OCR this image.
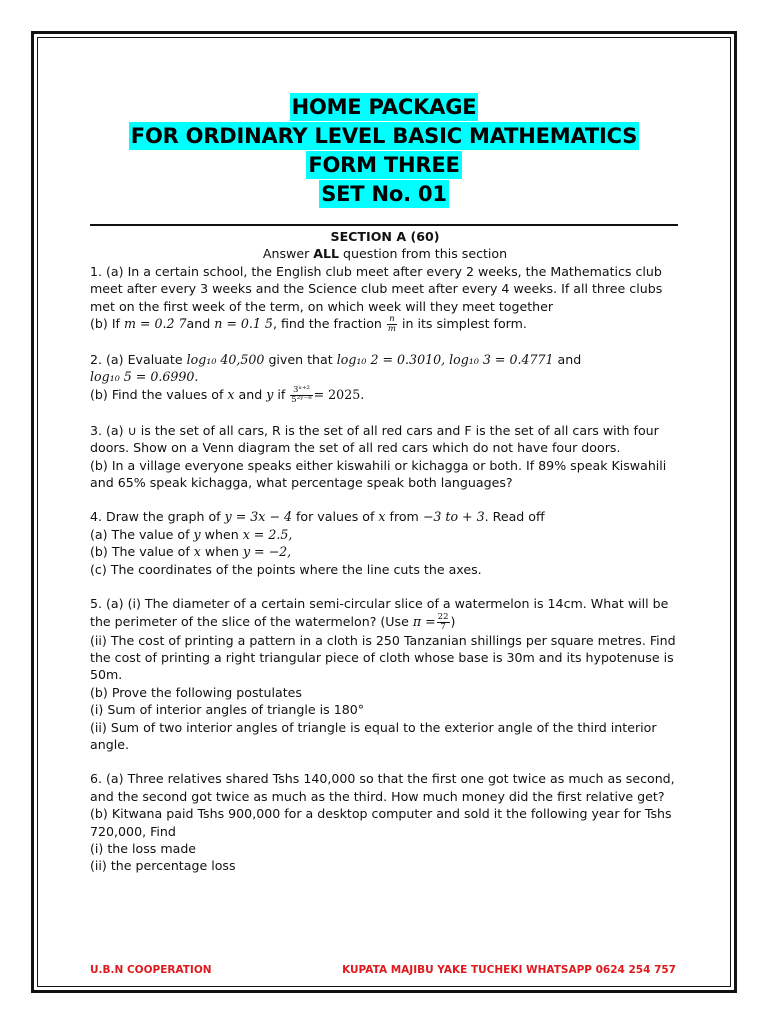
HOME PACKAGE
FOR ORDINARY LEVEL BASIC MATHEMATICS
FORM THREE
SET No. 01
SECTION A (60)
Answer ALL question from this section

1. (a) In a certain school, the English club meet after every 2 weeks, the Mathematics club meet after every 3 weeks and the Science club meet after every 4 weeks. If all three clubs met on the first week of the term, on which week will they meet together

(b) If m = 0.2̇ 7̇and n = 0.1̇ 5̇, find the fraction $\frac{n}{m}$ in its simplest form.

2. (a) Evaluate log₁₀ 40,500 given that log₁₀ 2 = 0.3010, log₁₀ 3 = 0.4771 and
log₁₀ 5 = 0.6990.

(b) Find the values of x and y if $\frac{\text{3ˣ⁺²}}{\text{5²ʸ⁻⁸}} = 2025$.

3. (a) ∪ is the set of all cars, R is the set of all red cars and F is the set of all cars with four doors. Show on a Venn diagram the set of all red cars which do not have four doors.

(b) In a village everyone speaks either kiswahili or kichagga or both. If 89% speak Kiswahili and 65% speak kichagga, what percentage speak both languages?

4. Draw the graph of y = 3x − 4 for values of x from −3 to + 3. Read off

(a) The value of y when x = 2.5,

(b) The value of x when y = −2,

(c) The coordinates of the points where the line cuts the axes.

5. (a) (i) The diameter of a certain semi-circular slice of a watermelon is 14cm. What will be the perimeter of the slice of the watermelon? (Use $\pi = \frac{22}{7}$ )

(ii) The cost of printing a pattern in a cloth is 250 Tanzanian shillings per square metres. Find the cost of printing a right triangular piece of cloth whose base is 30m and its hypotenuse is 50m.

(b) Prove the following postulates

(i) Sum of interior angles of triangle is 180°

(ii) Sum of two interior angles of triangle is equal to the exterior angle of the third interior angle.

6. (a) Three relatives shared Tshs 140,000 so that the first one got twice as much as second, and the second got twice as much as the third. How much money did the first relative get?

(b) Kitwana paid Tshs 900,000 for a desktop computer and sold it the following year for Tshs 720,000, Find

(i) the loss made

(ii) the percentage loss

U.B.N COOPERATION	KUPATA MAJIBU YAKE TUCHEKI WHATSAPP 0624 254 757
